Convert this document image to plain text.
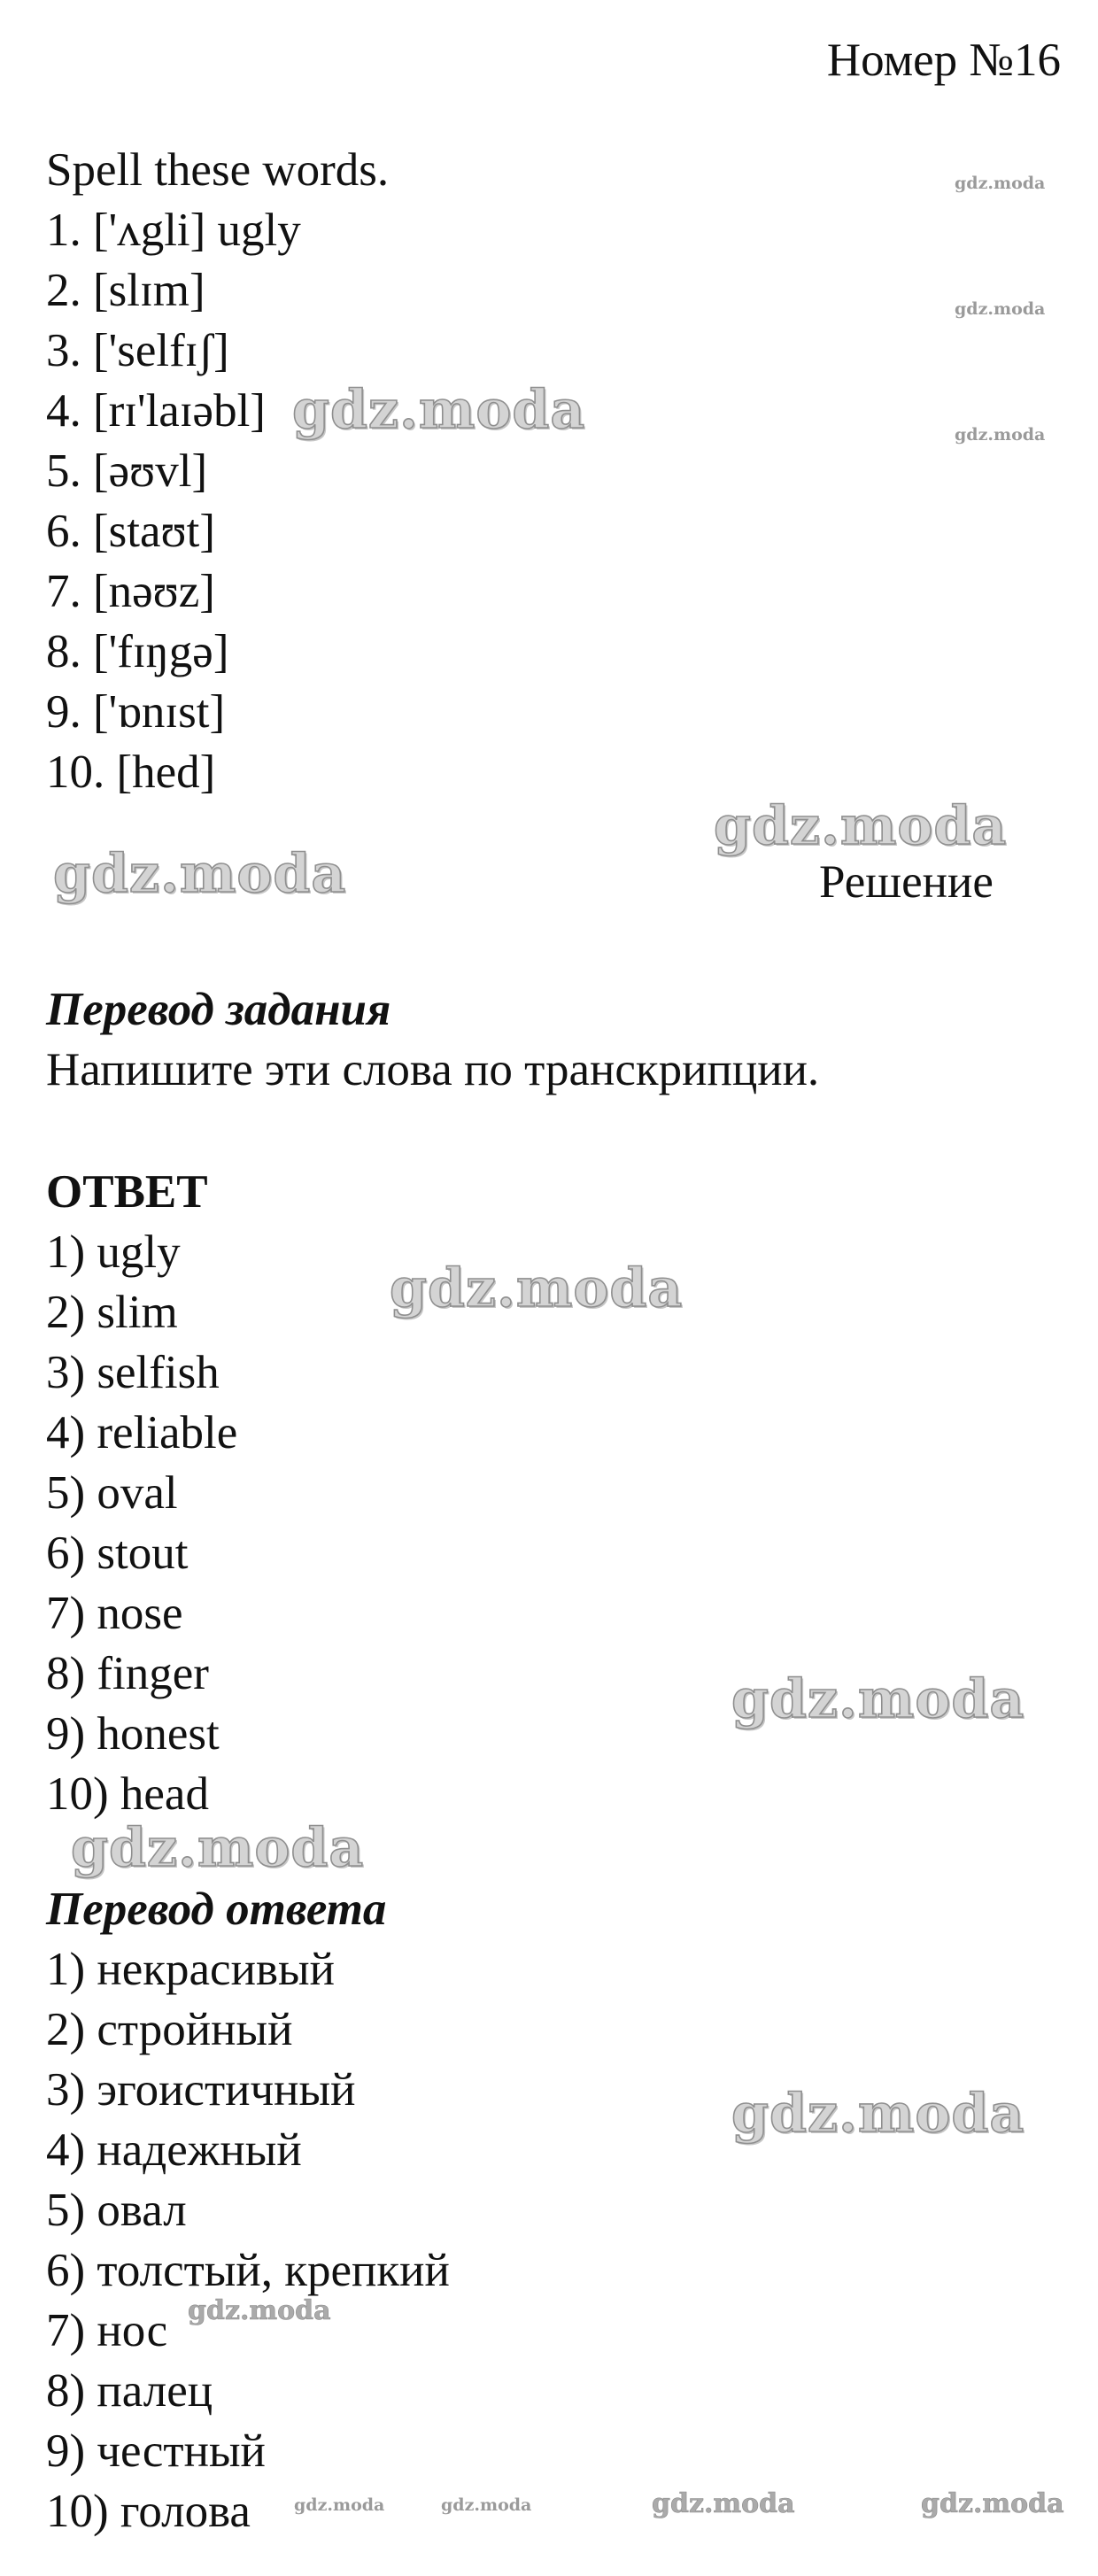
Номер №16
Spell these words.
1. ['ʌgli] ugly
2. [slɪm]
3. ['selfɪʃ]
4. [rɪ'laɪəbl]
5. [əʊvl]
6. [staʊt]
7. [nəʊz]
8. ['fɪŋgə]
9. ['ɒnɪst]
10. [hed]
Решение
Перевод задания
Напишите эти слова по транскрипции.
ОТВЕТ
1) ugly
2) slim
3) selfish
4) reliable
5) oval
6) stout
7) nose
8) finger
9) honest
10) head
Перевод ответа
1) некрасивый
2) стройный
3) эгоистичный
4) надежный
5) овал
6) толстый, крепкий
7) нос
8) палец
9) честный
10) голова
gdz.moda
gdz.moda
gdz.moda
gdz.moda
gdz.moda
gdz.moda
gdz.moda
gdz.moda
gdz.moda
gdz.moda
gdz.moda
gdz.moda	gdz.moda	gdz.moda	gdz.moda
